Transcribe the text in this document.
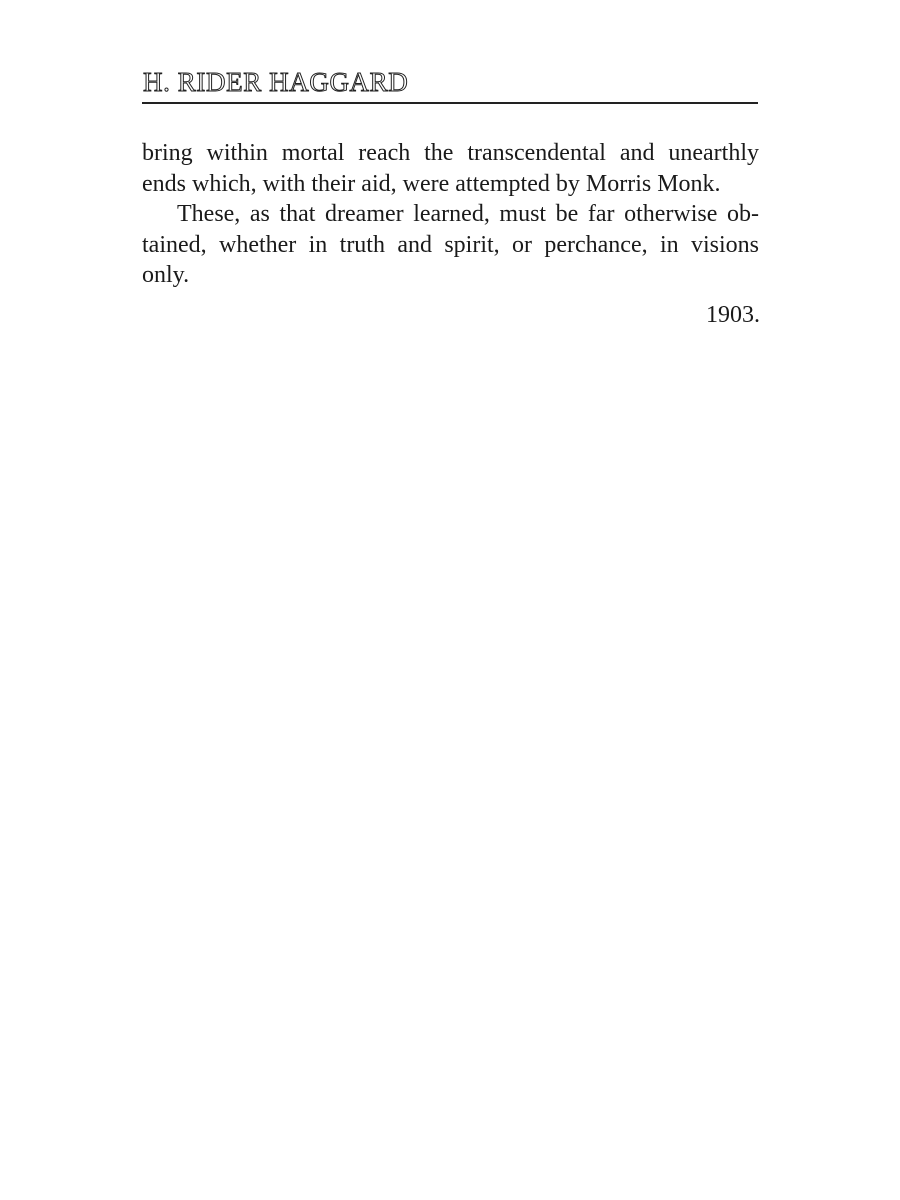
H. RIDER HAGGARD
bring within mortal reach the transcendental and unearthly
ends which, with their aid, were attempted by Morris Monk.
These, as that dreamer learned, must be far otherwise ob-
tained, whether in truth and spirit, or perchance, in visions
only.
1903.
